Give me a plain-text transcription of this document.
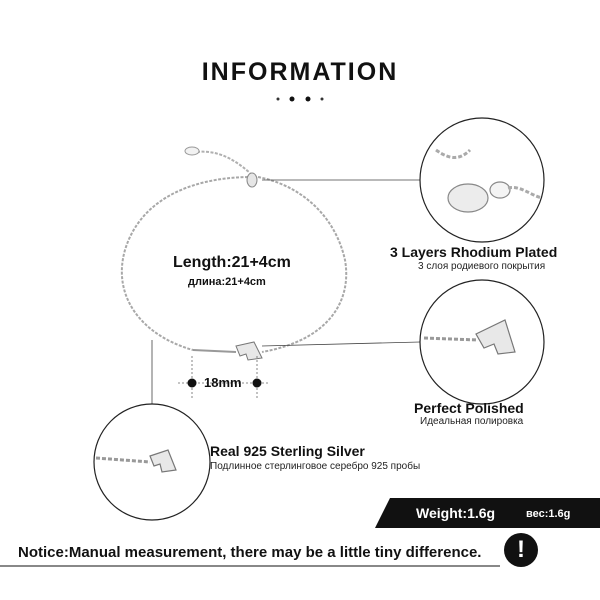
INFORMATION
Length:21+4cm
длина:21+4cm
18mm
3 Layers Rhodium Plated
3 слоя родиевого покрытия
Perfect Polished
Идеальная полировка
Real 925 Sterling Silver
Подлинное стерлинговое серебро 925 пробы
Weight:1.6g	вес:1.6g
Notice:Manual measurement, there may be a little tiny difference.	!
